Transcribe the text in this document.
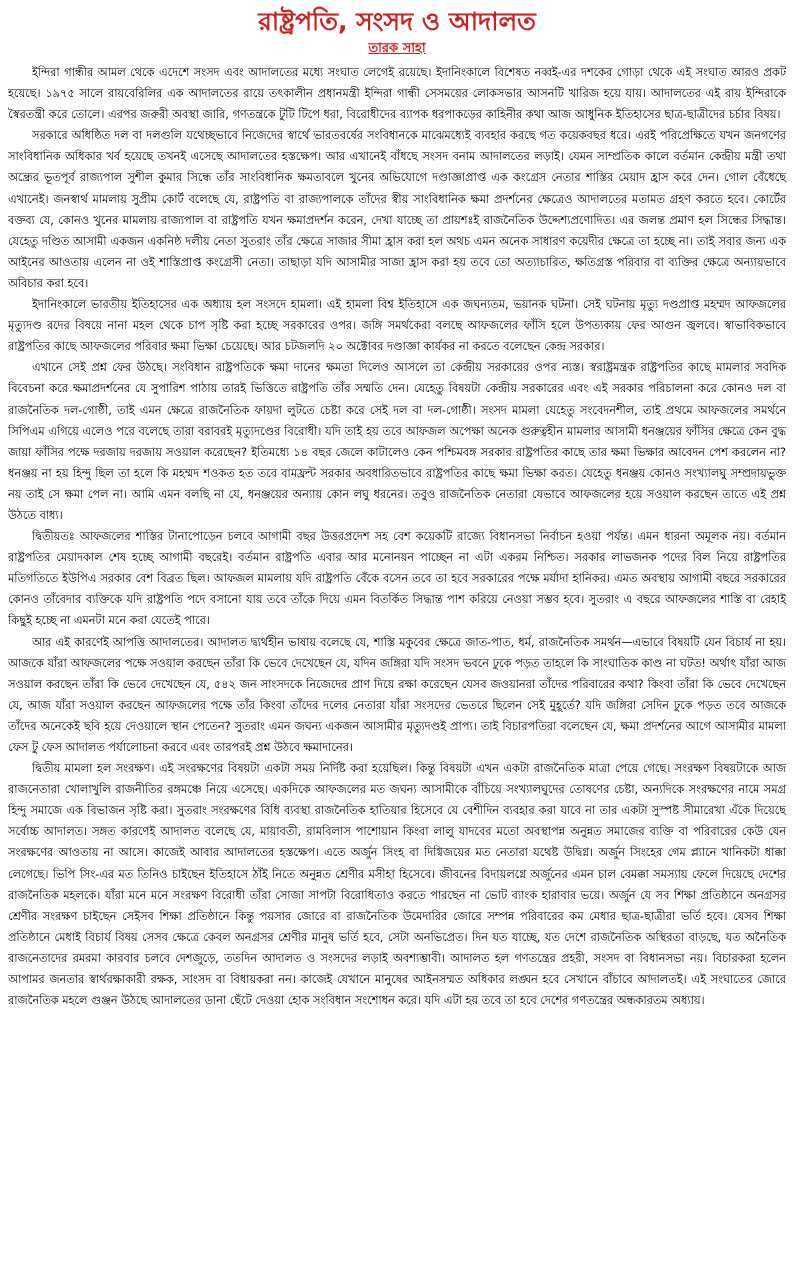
রাষ্ট্রপতি, সংসদ ও আদালত
তারক সাহা

ইন্দিরা গান্ধীর আমল থেকে এদেশে সংসদ এবং আদালতের মধ্যে সংঘাত লেগেই রয়েছে। ইদানিংকালে বিশেষত নব্বই-এর দশকের গোড়া থেকে এই সংঘাত আরও প্রকট হয়েছে। ১৯৭৫ সালে রায়বেরিলির এক আদালতের রায়ে তৎকালীন প্রধানমন্ত্রী ইন্দিরা গান্ধী সেসময়ের লোকসভার আসনটি খারিজ হয়ে যায়। আদালতের এই রায় ইন্দিরাকে স্বৈরতন্ত্রী করে তোলে। এরপর জরুরী অবস্থা জারি, গণতন্ত্রকে টুটি টিপে ধরা, বিরোধীদের ব্যাপক ধরপাকড়ের কাহিনীর কথা আজ আধুনিক ইতিহাসের ছাত্র-ছাত্রীদের চর্চার বিষয়।

সরকারে অধিষ্ঠিত দল বা দলগুলি যথেচ্ছভাবে নিজেদের স্বার্থে ভারতবর্ষের সংবিধানকে মাঝেমধ্যেই ব্যবহার করছে গত কয়েকবছর ধরে। এরই পরিপ্রেক্ষিতে যখন জনগণের সাংবিধানিক অধিকার খর্ব হয়েছে তখনই এসেছে আদালতের হস্তক্ষেপ। আর এখানেই বাঁধছে সংসদ বনাম আদালতের লড়াই। যেমন সাম্প্রতিক কালে বর্তমান কেন্দ্রীয় মন্ত্রী তথা অন্ধ্রের ভূতপূর্ব রাজ্যপাল সুশীল কুমার সিন্ধে তাঁর সাংবিধানিক ক্ষমতাবলে খুনের অভিযোগে দণ্ডাজ্ঞাপ্রাপ্ত এক কংগ্রেস নেতার শাস্তির মেয়াদ হ্রাস করে দেন। গোল বেঁধেছে এখানেই। জনস্বার্থ মামলায় সুপ্রীম কোর্ট বলেছে যে, রাষ্ট্রপতি বা রাজ্যপালকে তাঁদের স্বীয় সাংবিধানিক ক্ষমা প্রদর্শনের ক্ষেত্রেও আদালতের মতামত গ্রহণ করতে হবে। কোর্টের বক্তব্য যে, কোনও খুনের মামলায় রাজ্যপাল বা রাষ্ট্রপতি যখন ক্ষমাপ্রদর্শন করেন, দেখা যাচ্ছে তা প্রায়শঃই রাজনৈতিক উদ্দেশ্যপ্রণোদিত। এর জলন্ত প্রমাণ হল সিন্ধের সিদ্ধান্ত। যেহেতু দণ্ডিত আসামী একজন একনিষ্ঠ দলীয় নেতা সুতরাং তাঁর ক্ষেত্রে সাজার সীমা হ্রাস করা হল অথচ এমন অনেক সাধারণ কয়েদীর ক্ষেত্রে তা হচ্ছে না। তাই সবার জন্য এক আইনের আওতায় এলেন না ওই শাস্তিপ্রাপ্ত কংগ্রেসী নেতা। তাছাড়া যদি আসামীর সাজা হ্রাস করা হয় তবে তো অত্যাচারিত, ক্ষতিগ্রস্ত পরিবার বা ব্যক্তির ক্ষেত্রে অন্যায়ভাবে অবিচার করা হবে।

ইদানিংকালে ভারতীয় ইতিহাসের এক অধ্যায় হল সংসদে হামলা। এই হামলা বিশ্ব ইতিহাসে এক জঘন্যতম, ভয়ানক ঘটনা। সেই ঘটনায় মৃত্যু দণ্ডপ্রাপ্ত মহম্মদ আফজলের মৃত্যুদণ্ড রদের বিষয়ে নানা মহল থেকে চাপ সৃষ্টি করা হচ্ছে সরকারের ওপর। জঙ্গি সমর্থকেরা বলছে আফজলের ফাঁসি হলে উপত্যকায় ফের আগুন জ্বলবে। স্বাভাবিকভাবে রাষ্ট্রপতির কাছে আফজলের পরিবার ক্ষমা ভিক্ষা চেয়েছে। আর চটজলদি ২০ অক্টোবর দণ্ডাজ্ঞা কার্যকর না করতে বলেছেন কেন্দ্র সরকার।

এখানে সেই প্রশ্ন ফের উঠছে। সংবিধান রাষ্ট্রপতিকে ক্ষমা দানের ক্ষমতা দিলেও আসলে তা কেন্দ্রীয় সরকারের ওপর ন্যস্ত। স্বরাষ্ট্রমন্ত্রক রাষ্ট্রপতির কাছে মামলার সবদিক বিবেচনা করে ক্ষমাপ্রদর্শনের যে সুপারিশ পাঠায় তারই ভিত্তিতে রাষ্ট্রপতি তাঁর সম্মতি দেন। যেহেতু বিষয়টা কেন্দ্রীয় সরকারের এবং এই সরকার পরিচালনা করে কোনও দল বা রাজনৈতিক দল-গোষ্ঠী, তাই এমন ক্ষেত্রে রাজনৈতিক ফায়দা লুটতে চেষ্টা করে সেই দল বা দল-গোষ্ঠী। সংসদ মামলা যেহেতু সংবেদনশীল, তাই প্রথমে আফজলের সমর্থনে সিপিএম এগিয়ে এলেও পরে বলেছে তারা বরাবরই মৃত্যুদণ্ডের বিরোধী। যদি তাই হয় তবে আফজল অপেক্ষা অনেক গুরুত্বহীন মামলার আসামী ধনঞ্জয়ের ফাঁসির ক্ষেত্রে কেন বুদ্ধ জায়া ফাঁসির পক্ষে দরজায় দরজায় সওয়াল করেছেন? ইতিমধ্যে ১৪ বছর জেলে কাটালেও কেন পশ্চিমবঙ্গ সরকার রাষ্ট্রপতির কাছে তার ক্ষমা ভিক্ষার আবেদন পেশ করলেন না? ধনঞ্জয় না হয় হিন্দু ছিল তা হলে কি মহম্মদ শওকত হত তবে বামফ্রন্ট সরকার অবধারিতভাবে রাষ্ট্রপতির কাছে ক্ষমা ভিক্ষা করত। যেহেতু ধনঞ্জয় কোনও সংখ্যালঘু সম্প্রদায়ভুক্ত নয় তাই সে ক্ষমা পেল না। আমি এমন বলছি না যে, ধনঞ্জয়ের অন্যায় কোন লঘু ধরনের। তবুও রাজনৈতিক নেতারা যেভাবে আফজলের হয়ে সওয়াল করছেন তাতে এই প্রশ্ন উঠতে বাধ্য।

দ্বিতীয়তঃ আফজলের শাস্তির টানাপোড়েন চলবে আগামী বছর উত্তরপ্রদেশ সহ বেশ কয়েকটি রাজ্যে বিধানসভা নির্বাচন হওয়া পর্যন্ত। এমন ধারনা অমূলক নয়। বর্তমান রাষ্ট্রপতির মেয়াদকাল শেষ হচ্ছে আগামী বছরেই। বর্তমান রাষ্ট্রপতি এবার আর মনোনয়ন পাচ্ছেন না এটা একরম নিশ্চিত। সরকার লাভজনক পদের বিল নিয়ে রাষ্ট্রপতির মতিগতিতে ইউপিএ সরকার বেশ বিব্রত ছিল। আফজল মামলায় যদি রাষ্ট্রপতি বেঁকে বসেন তবে তা হবে সরকারের পক্ষে মর্যাদা হানিকর। এমত অবস্থায় আগামী বছরে সরকারের কোনও তাঁবেদার ব্যক্তিকে যদি রাষ্ট্রপতি পদে বসানো যায় তবে তাঁকে দিয়ে এমন বিতর্কিত সিদ্ধান্ত পাশ করিয়ে নেওয়া সম্ভব হবে। সুতরাং এ বছরে আফজলের শাস্তি বা রেহাই কিছুই হচ্ছে না এমনটা মনে করা যেতেই পারে।

আর এই কারণেই আপত্তি আদালতের। আদালত দ্ব্যর্থহীন ভাষায় বলেছে যে, শাস্তি মকুবের ক্ষেত্রে জাত-পাত, ধর্ম, রাজনৈতিক সমর্থন—এভাবে বিষয়টি যেন বিচার্য না হয়। আজকে যাঁরা আফজলের পক্ষে সওয়াল করছেন তাঁরা কি ভেবে দেখেছেন যে, যদিন জঙ্গিরা যদি সংসদ ভবনে ঢুকে পড়ত তাহলে কি সাংঘাতিক কাণ্ড না ঘটত! অর্থাৎ যাঁরা আজ সওয়াল করছেন তাঁরা কি ভেবে দেখেছেন যে, ৫৪২ জন সাংসদকে নিজেদের প্রাণ দিয়ে রক্ষা করেছেন যেসব জওয়ানরা তাঁদের পরিবারের কথা? কিংবা তাঁরা কি ভেবে দেখেছেন যে, আজ যাঁরা সওয়াল করছেন আফজলের পক্ষে তাঁর কিংবা তাঁদের দলের নেতারা যাঁরা সংসদের ভেতরে ছিলেন সেই মুহূর্তে? যদি জঙ্গিরা সেদিন ঢুকে পড়ত তবে আজকে তাঁদের অনেকেই ছবি হয়ে দেওয়ালে স্থান পেতেন? সুতরাং এমন জঘন্য একজন আসামীর মৃত্যুদণ্ডই প্রাপ্য। তাই বিচারপতিরা বলেছেন যে, ক্ষমা প্রদর্শনের আগে আসামীর মামলা ফেস টু ফেস আদালত পর্যালোচনা করবে এবং তারপরই প্রশ্ন উঠবে ক্ষমাদানের।

দ্বিতীয় মামলা হল সংরক্ষণ। এই সংরক্ষণের বিষয়টা একটা সময় নির্দিষ্ট করা হয়েছিল। কিন্তু বিষয়টা এখন একটা রাজনৈতিক মাত্রা পেয়ে গেছে। সংরক্ষণ বিষয়টাকে আজ রাজনেতারা খোলাখুলি রাজনীতির রঙ্গমঞ্চে নিয়ে এসেছে। একদিকে আফজলের মত জঘন্য আসামীকে বাঁচিয়ে সংখ্যালঘুদের তোষণের চেষ্টা, অন্যদিকে সংরক্ষণের নামে সমগ্র হিন্দু সমাজে এক বিভাজন সৃষ্টি করা। সুতরাং সংরক্ষণের বিধি ব্যবস্থা রাজনৈতিক হাতিয়ার হিসেবে যে বেশীদিন ব্যবহার করা যাবে না তার একটা সুস্পষ্ট সীমারেখা এঁকে দিয়েছে সর্বোচ্চ আদালত। সঙ্গত কারণেই আদালত বলেছে যে, মায়াবতী, রামবিলাস পাশোয়ান কিংবা লালু যাদবের মতো অবস্থাপন্ন অনুন্নত সমাজের ব্যক্তি বা পরিবারের কেউ যেন সংরক্ষণের আওতায় না আসে। কাজেই আবার আদালতের হস্তক্ষেপ। এতে অর্জুন সিংহ বা দিগ্বিজয়ের মত নেতারা যথেষ্ট উদ্বিগ্ন। অর্জুন সিংহের গেম প্ল্যানে খানিকটা ধাক্কা লেগেছে। ভিপি সিং-এর মত তিনিও চাইছেন ইতিহাসে ঠাঁই নিতে অনুন্নত শ্রেণীর মসীহা হিসেবে। জীবনের বিদায়লগ্নে অর্জুনের এমন চাল বেমক্কা সমস্যায় ফেলে দিয়েছে দেশের রাজনৈতিক মহলকে। যাঁরা মনে মনে সংরক্ষণ বিরোধী তাঁরা সোজা সাপটা বিরোধিতাও করতে পারছেন না ভোট ব্যাংক হারাবার ভয়ে। অর্জুন যে সব শিক্ষা প্রতিষ্ঠানে অনগ্রসর শ্রেণীর সংরক্ষণ চাইছেন সেইসব শিক্ষা প্রতিষ্ঠানে কিন্তু পয়সার জোরে বা রাজনৈতিক উমেদারির জোরে সম্পন্ন পরিবারের কম মেধার ছাত্র-ছাত্রীরা ভর্তি হবে। যেসব শিক্ষা প্রতিষ্ঠানে মেধাই বিচার্য বিষয় সেসব ক্ষেত্রে কেবল অনগ্রসর শ্রেণীর মানুষ ভর্তি হবে, সেটা অনভিপ্রেত। দিন যত যাচ্ছে, যত দেশে রাজনৈতিক অস্থিরতা বাড়ছে, যত অনৈতিক রাজনেতাদের রমরমা কারবার চলবে দেশজুড়ে, ততদিন আদালত ও সংসদের লড়াই অবশ্যম্ভাবী। আদালত হল গণতন্ত্রের প্রহরী, সংসদ বা বিধানসভা নয়। বিচারকরা হলেন আপামর জনতার স্বার্থরক্ষাকারী রক্ষক, সাংসদ বা বিধায়করা নন। কাজেই যেখানে মানুষের আইনসম্মত অধিকার লঙ্ঘন হবে সেখানে বাঁচাবে আদালতই। এই সংঘাতের জোরে রাজনৈতিক মহলে গুঞ্জন উঠছে আদালতের ডানা ছেঁটে দেওয়া হোক সংবিধান সংশোধন করে। যদি এটা হয় তবে তা হবে দেশের গণতন্ত্রের অন্ধকারতম অধ্যায়।
